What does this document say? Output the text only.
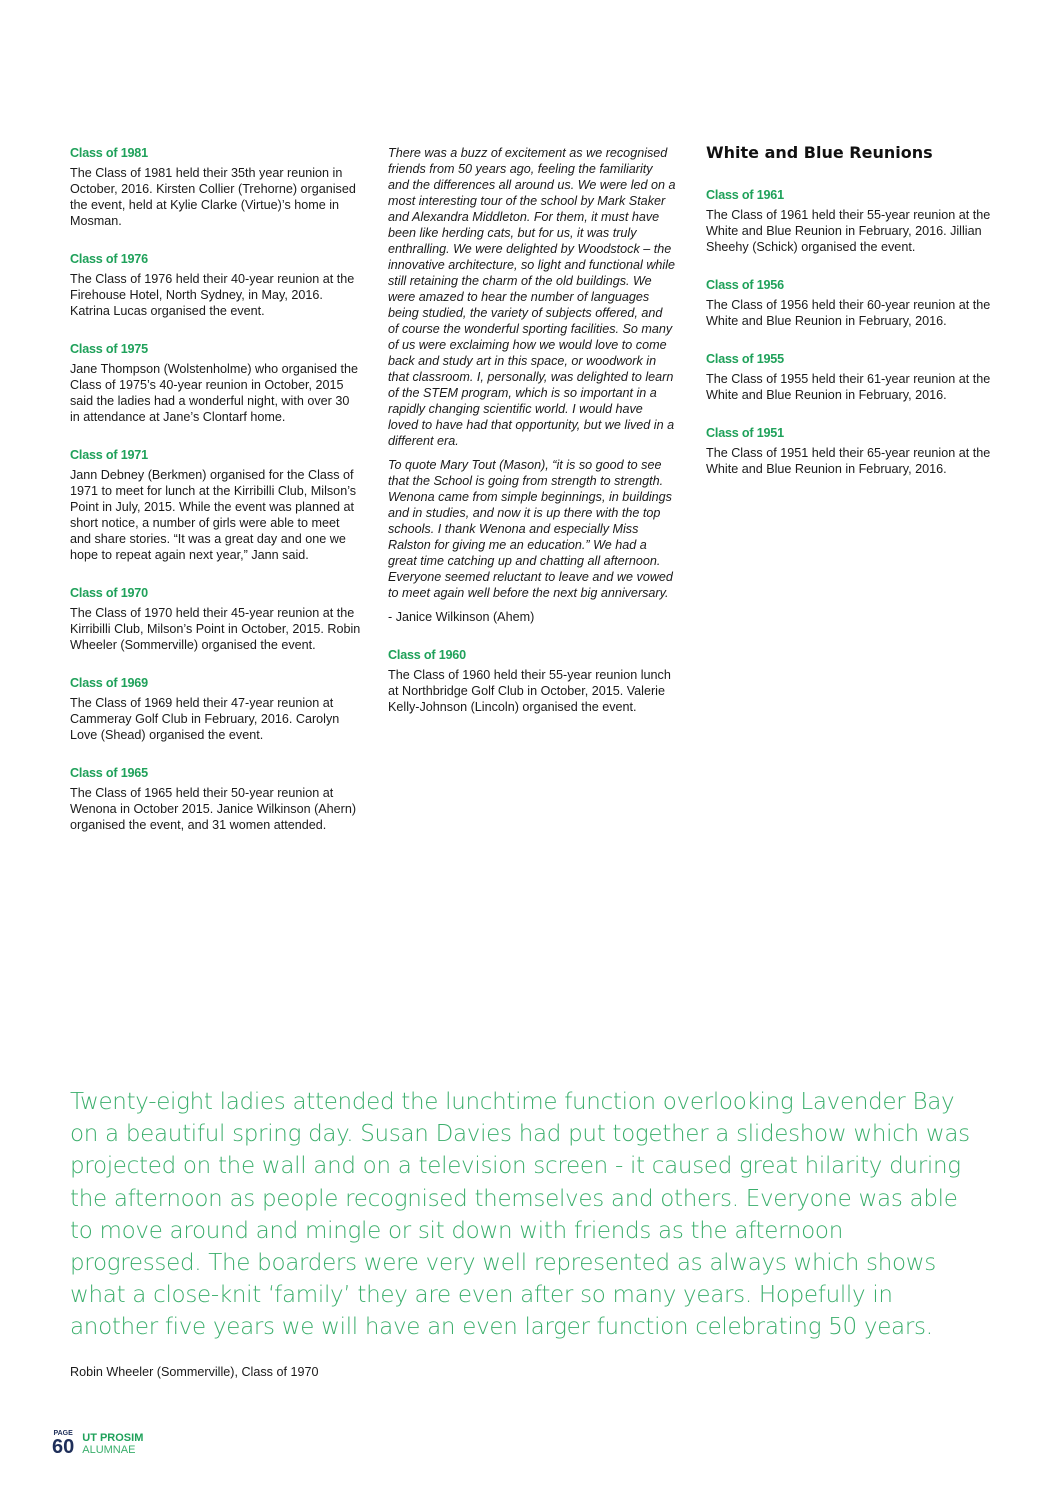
Class of 1981

The Class of 1981 held their 35th year reunion in October, 2016. Kirsten Collier (Trehorne) organised the event, held at Kylie Clarke (Virtue)’s home in Mosman.

Class of 1976

The Class of 1976 held their 40-year reunion at the Firehouse Hotel, North Sydney, in May, 2016. Katrina Lucas organised the event.

Class of 1975

Jane Thompson (Wolstenholme) who organised the Class of 1975’s 40-year reunion in October, 2015 said the ladies had a wonderful night, with over 30 in attendance at Jane’s Clontarf home.

Class of 1971

Jann Debney (Berkmen) organised for the Class of 1971 to meet for lunch at the Kirribilli Club, Milson’s Point in July, 2015. While the event was planned at short notice, a number of girls were able to meet and share stories. “It was a great day and one we hope to repeat again next year,” Jann said.

Class of 1970

The Class of 1970 held their 45-year reunion at the Kirribilli Club, Milson’s Point in October, 2015. Robin Wheeler (Sommerville) organised the event.

Class of 1969

The Class of 1969 held their 47-year reunion at Cammeray Golf Club in February, 2016. Carolyn Love (Shead) organised the event.

Class of 1965

The Class of 1965 held their 50-year reunion at Wenona in October 2015. Janice Wilkinson (Ahern) organised the event, and 31 women attended.

There was a buzz of excitement as we recognised friends from 50 years ago, feeling the familiarity and the differences all around us. We were led on a most interesting tour of the school by Mark Staker and Alexandra Middleton. For them, it must have been like herding cats, but for us, it was truly enthralling. We were delighted by Woodstock – the innovative architecture, so light and functional while still retaining the charm of the old buildings. We were amazed to hear the number of languages being studied, the variety of subjects offered, and of course the wonderful sporting facilities. So many of us were exclaiming how we would love to come back and study art in this space, or woodwork in that classroom. I, personally, was delighted to learn of the STEM program, which is so important in a rapidly changing scientific world. I would have loved to have had that opportunity, but we lived in a different era.

To quote Mary Tout (Mason), “it is so good to see that the School is going from strength to strength. Wenona came from simple beginnings, in buildings and in studies, and now it is up there with the top schools. I thank Wenona and especially Miss Ralston for giving me an education.” We had a great time catching up and chatting all afternoon. Everyone seemed reluctant to leave and we vowed to meet again well before the next big anniversary.

- Janice Wilkinson (Ahem)

Class of 1960

The Class of 1960 held their 55-year reunion lunch at Northbridge Golf Club in October, 2015. Valerie Kelly-Johnson (Lincoln) organised the event.

White and Blue Reunions
Class of 1961

The Class of 1961 held their 55-year reunion at the White and Blue Reunion in February, 2016. Jillian Sheehy (Schick) organised the event.

Class of 1956

The Class of 1956 held their 60-year reunion at the White and Blue Reunion in February, 2016.

Class of 1955

The Class of 1955 held their 61-year reunion at the White and Blue Reunion in February, 2016.

Class of 1951

The Class of 1951 held their 65-year reunion at the White and Blue Reunion in February, 2016.

Twenty-eight ladies attended the lunchtime function overlooking Lavender Bay on a beautiful spring day. Susan Davies had put together a slideshow which was projected on the wall and on a television screen - it caused great hilarity during the afternoon as people recognised themselves and others. Everyone was able to move around and mingle or sit down with friends as the afternoon progressed. The boarders were very well represented as always which shows what a close-knit ‘family’ they are even after so many years. Hopefully in another five years we will have an even larger function celebrating 50 years.
Robin Wheeler (Sommerville), Class of 1970
PAGE
60 UT PROSIM
ALUMNAE
